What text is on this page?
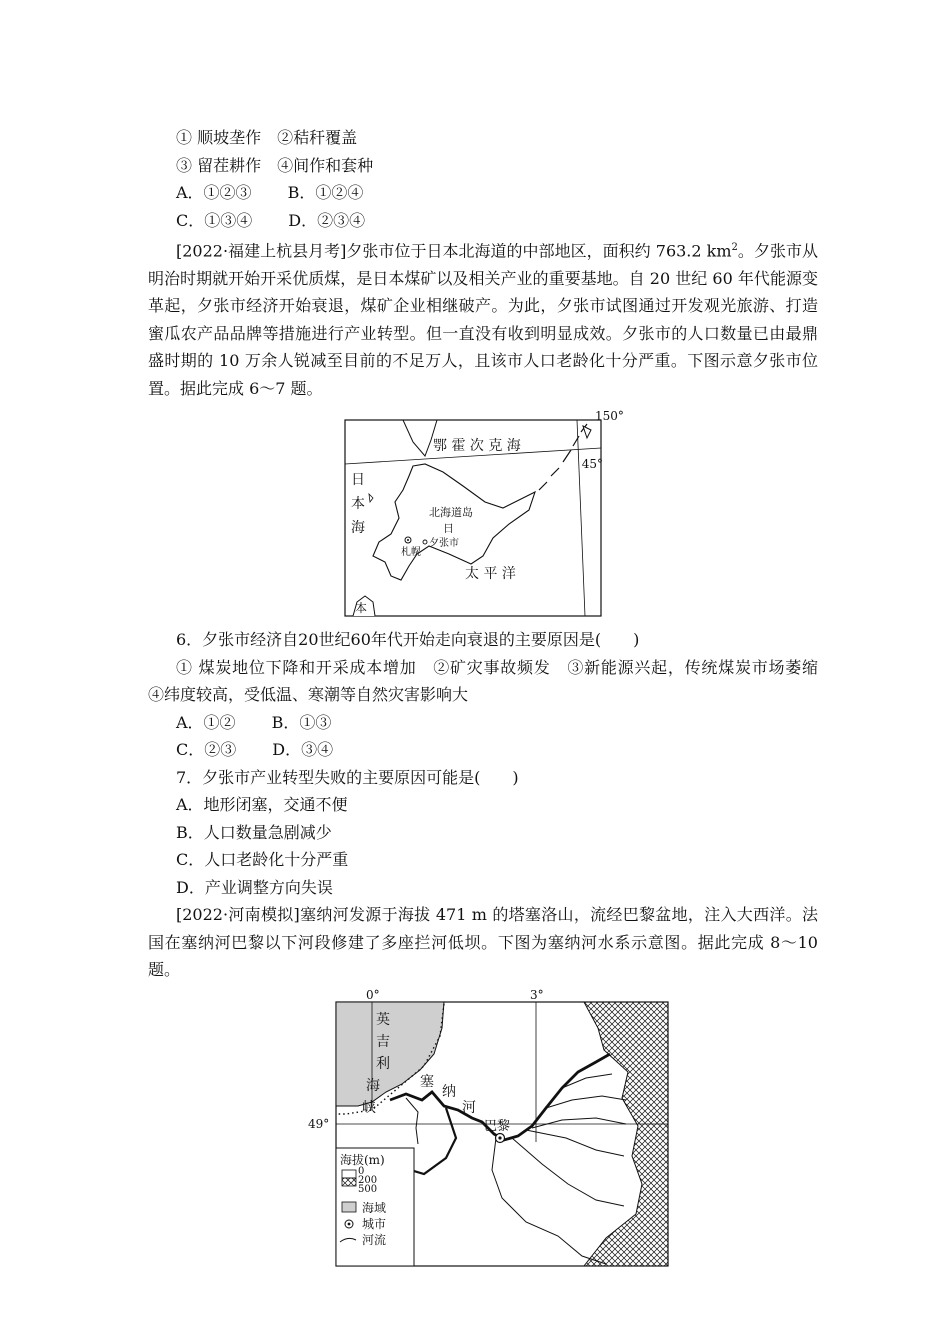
① 顺坡垄作　②秸秆覆盖

③ 留茬耕作　④间作和套种

A．①②③ B．①②④

C．①③④ D．②③④

[2022·福建上杭县月考]夕张市位于日本北海道的中部地区，面积约 763.2 $km^2$。夕张市从明治时期就开始开采优质煤，是日本煤矿以及相关产业的重要基地。自 20 世纪 60 年代能源变革起，夕张市经济开始衰退，煤矿企业相继破产。为此，夕张市试图通过开发观光旅游、打造蜜瓜农产品品牌等措施进行产业转型。但一直没有收到明显成效。夕张市的人口数量已由最鼎盛时期的 10 万余人锐减至目前的不足万人，且该市人口老龄化十分严重。下图示意夕张市位置。据此完成 6～7 题。

150°
45°
鄂 霍 次 克 海
日
本
海
北海道岛
日
札幌
夕张市
太 平 洋
本

6．夕张市经济自20世纪60年代开始走向衰退的主要原因是(　　)

① 煤炭地位下降和开采成本增加　②矿灾事故频发　③新能源兴起，传统煤炭市场萎缩　④纬度较高，受低温、寒潮等自然灾害影响大

A．①② B．①③

C．②③ D．③④

7．夕张市产业转型失败的主要原因可能是(　　)

A．地形闭塞，交通不便

B．人口数量急剧减少

C．人口老龄化十分严重

D．产业调整方向失误

[2022·河南模拟]塞纳河发源于海拔 471 m 的塔塞洛山，流经巴黎盆地，注入大西洋。法国在塞纳河巴黎以下河段修建了多座拦河低坝。下图为塞纳河水系示意图。据此完成 8～10 题。

巴黎
0°	3°
49°
英
吉
利
海
峡
塞
纳
河
海拔(m)
0
200
500
海域
城市
河流
